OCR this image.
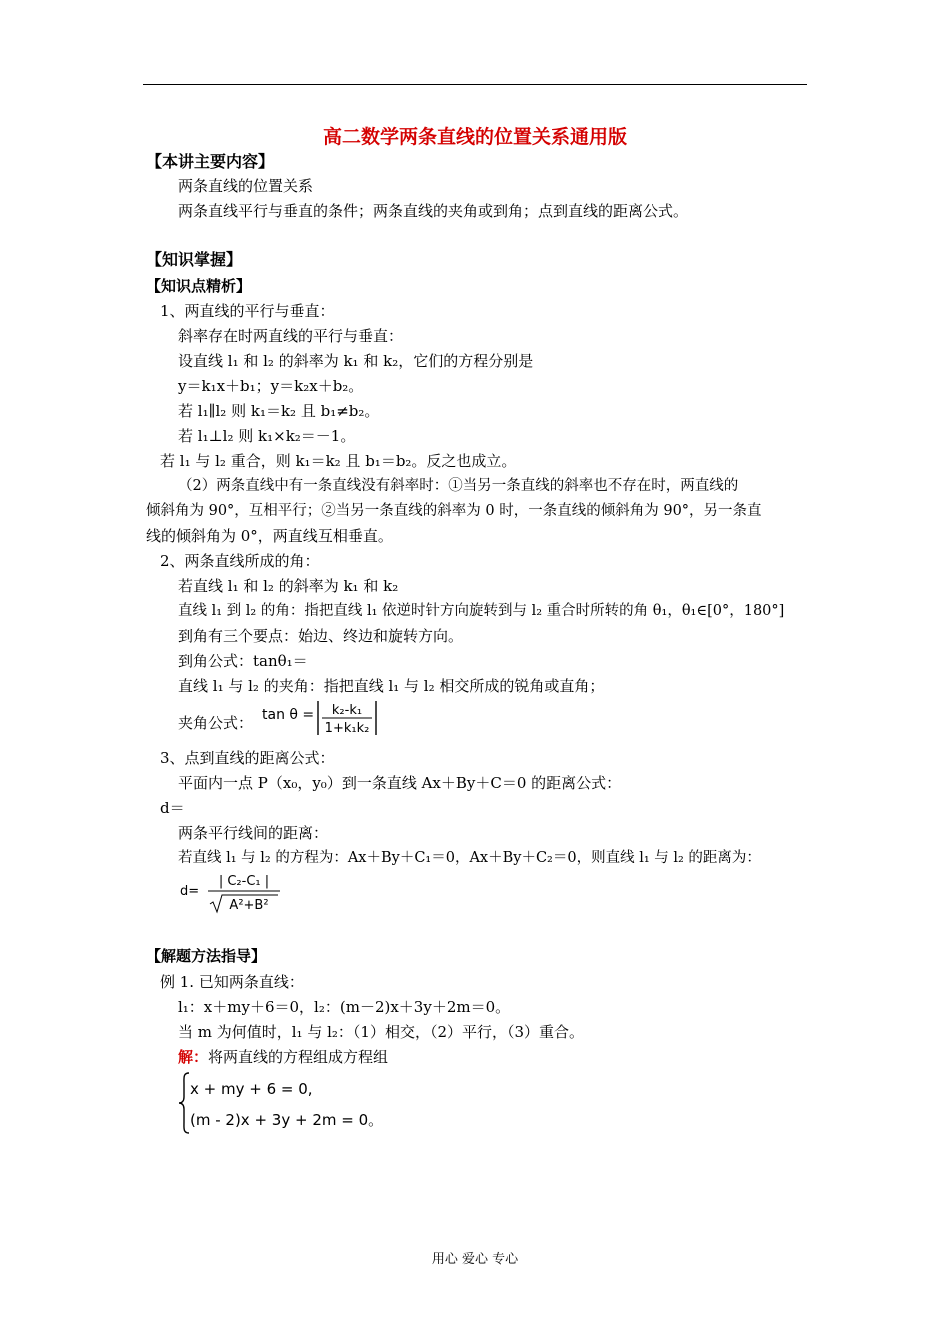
高二数学两条直线的位置关系通用版
【本讲主要内容】
两条直线的位置关系
两条直线平行与垂直的条件；两条直线的夹角或到角；点到直线的距离公式。
【知识掌握】
【知识点精析】
1、两直线的平行与垂直：
斜率存在时两直线的平行与垂直：
设直线 l₁ 和 l₂ 的斜率为 k₁ 和 k₂，它们的方程分别是
y＝k₁x＋b₁；y＝k₂x＋b₂。
若 l₁∥l₂ 则 k₁＝k₂ 且 b₁≠b₂。
若 l₁⊥l₂ 则 k₁×k₂＝－1。
若 l₁ 与 l₂ 重合，则 k₁＝k₂ 且 b₁＝b₂。反之也成立。
（2）两条直线中有一条直线没有斜率时：①当另一条直线的斜率也不存在时，两直线的
倾斜角为 90°，互相平行；②当另一条直线的斜率为 0 时，一条直线的倾斜角为 90°，另一条直
线的倾斜角为 0°，两直线互相垂直。
2、两条直线所成的角：
若直线 l₁ 和 l₂ 的斜率为 k₁ 和 k₂
直线 l₁ 到 l₂ 的角：指把直线 l₁ 依逆时针方向旋转到与 l₂ 重合时所转的角 θ₁，θ₁∈[0°，180°]
到角有三个要点：始边、终边和旋转方向。
到角公式：tanθ₁＝
直线 l₁ 与 l₂ 的夹角：指把直线 l₁ 与 l₂ 相交所成的锐角或直角；
夹角公式： tan θ = k₂-k₁
1+k₁k₂
3、点到直线的距离公式：
平面内一点 P（x₀，y₀）到一条直线 Ax＋By＋C＝0 的距离公式：
d＝
两条平行线间的距离：
若直线 l₁ 与 l₂ 的方程为：Ax＋By＋C₁＝0，Ax＋By＋C₂＝0，则直线 l₁ 与 l₂ 的距离为：
d=
| C₂-C₁ |
A²+B²
【解题方法指导】
例 1. 已知两条直线：
l₁：x＋my＋6＝0，l₂：(m－2)x＋3y＋2m＝0。
当 m 为何值时，l₁ 与 l₂：（1）相交，（2）平行，（3）重合。
解：将两直线的方程组成方程组
x + my + 6 = 0,
(m - 2)x + 3y + 2m = 0。
用心 爱心 专心
